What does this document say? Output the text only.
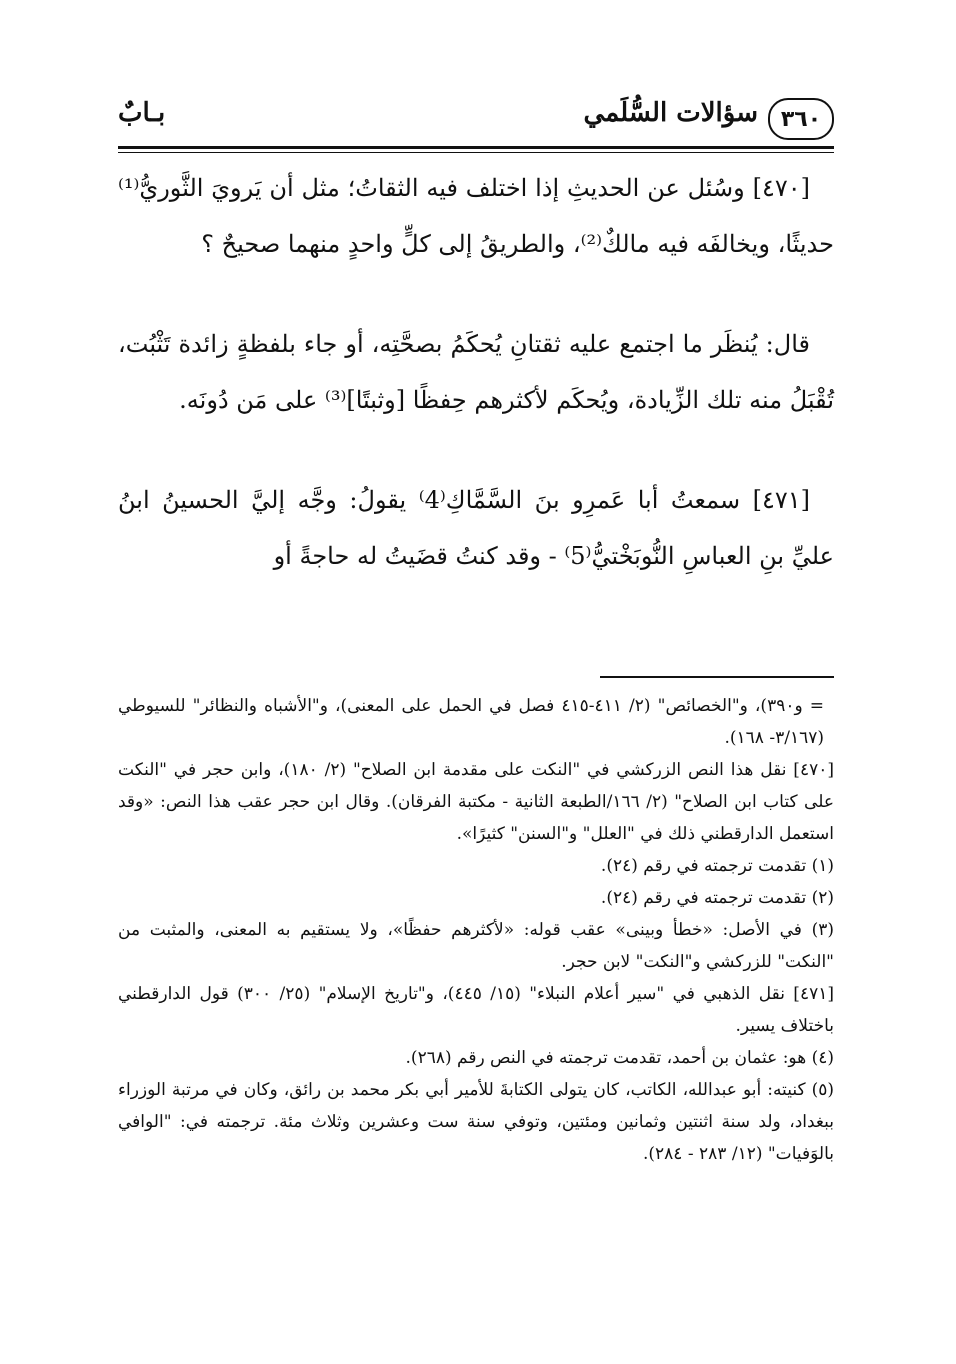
٣٦٠
سؤالات السُّلَمي
بـابٌ

[٤٧٠] وسُئل عن الحديثِ إذا اختلف فيه الثقاتُ؛ مثل أن يَرويَ الثَّوريُّ⁽¹⁾ حديثًا، ويخالفَه فيه مالكٌ⁽²⁾، والطريقُ إلى كلٍّ واحدٍ منهما صحيحٌ ؟

قال: يُنظَر ما اجتمع عليه ثقتانِ يُحكَمُ بصحَّتِه، أو جاء بلفظةٍ زائدة تَثْبُت، تُقْبَلُ منه تلك الزِّيادة، ويُحكَم لأكثرهم حِفظًا [وثبتًا]⁽³⁾ على مَن دُونَه.

[٤٧١] سمعتُ أبا عَمرِو بنَ السَّمَّاكِ⁽4⁾ يقولُ: وجَّه إليَّ الحسينُ ابنُ عليِّ بنِ العباسِ النُّوبَخْتيُّ⁽5⁾ - وقد كنتُ قضَيتُ له حاجةً أو

= و٣٩٠)، و"الخصائص" (٢/ ٤١١-٤١٥ فصل في الحمل على المعنى)، و"الأشباه والنظائر" للسيوطي (٣/١٦٧- ١٦٨).

[٤٧٠] نقل هذا النص الزركشي في "النكت على مقدمة ابن الصلاح" (٢/ ١٨٠)، وابن حجر في "النكت على كتاب ابن الصلاح" (٢/ ١٦٦/الطبعة الثانية - مكتبة الفرقان). وقال ابن حجر عقب هذا النص: «وقد استعمل الدارقطني ذلك في "العلل" و"السنن" كثيرًا».

(١) تقدمت ترجمته في رقم (٢٤).

(٢) تقدمت ترجمته في رقم (٢٤).

(٣) في الأصل: «خطأ وبينى» عقب قوله: «لأكثرهم حفظًا»، ولا يستقيم به المعنى، والمثبت من "النكت" للزركشي و"النكت" لابن حجر.

[٤٧١] نقل الذهبي في "سير أعلام النبلاء" (١٥/ ٤٤٥)، و"تاريخ الإسلام" (٢٥/ ٣٠٠) قول الدارقطني باختلاف يسير.

(٤) هو: عثمان بن أحمد، تقدمت ترجمته في النص رقم (٢٦٨).

(٥) كنيته: أبو عبدالله، الكاتب، كان يتولى الكتابةَ للأمير أبي بكر محمد بن رائق، وكان في مرتبة الوزراء ببغداد، ولد سنة اثنتين وثمانين ومئتين، وتوفي سنة ست وعشرين وثلاث مئة. ترجمته في: "الوافي بالوَفيات" (١٢/ ٢٨٣ - ٢٨٤).
